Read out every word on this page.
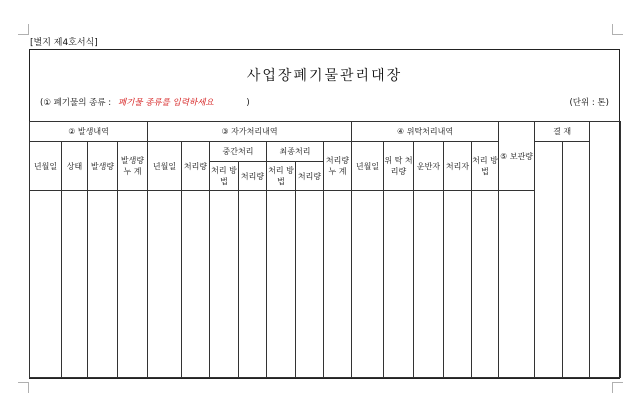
[별지 제4호서식]
사업장폐기물관리대장
(① 폐기물의 종류 : 폐기물 종류를 입력하세요	)	(단위 : 톤)
② 발생내역				③ 자가처리내역							④ 위탁처리내역					⑤ 보관량	결 재			
년월일	상태	발생량	발생량 누 계	년월일	처리량	중간처리		최종처리		처리량 누 계	년월일	위 탁 처리량	운반자	처리자	처리 방법					
						처리 방법	처리량	처리 방법	처리량											
